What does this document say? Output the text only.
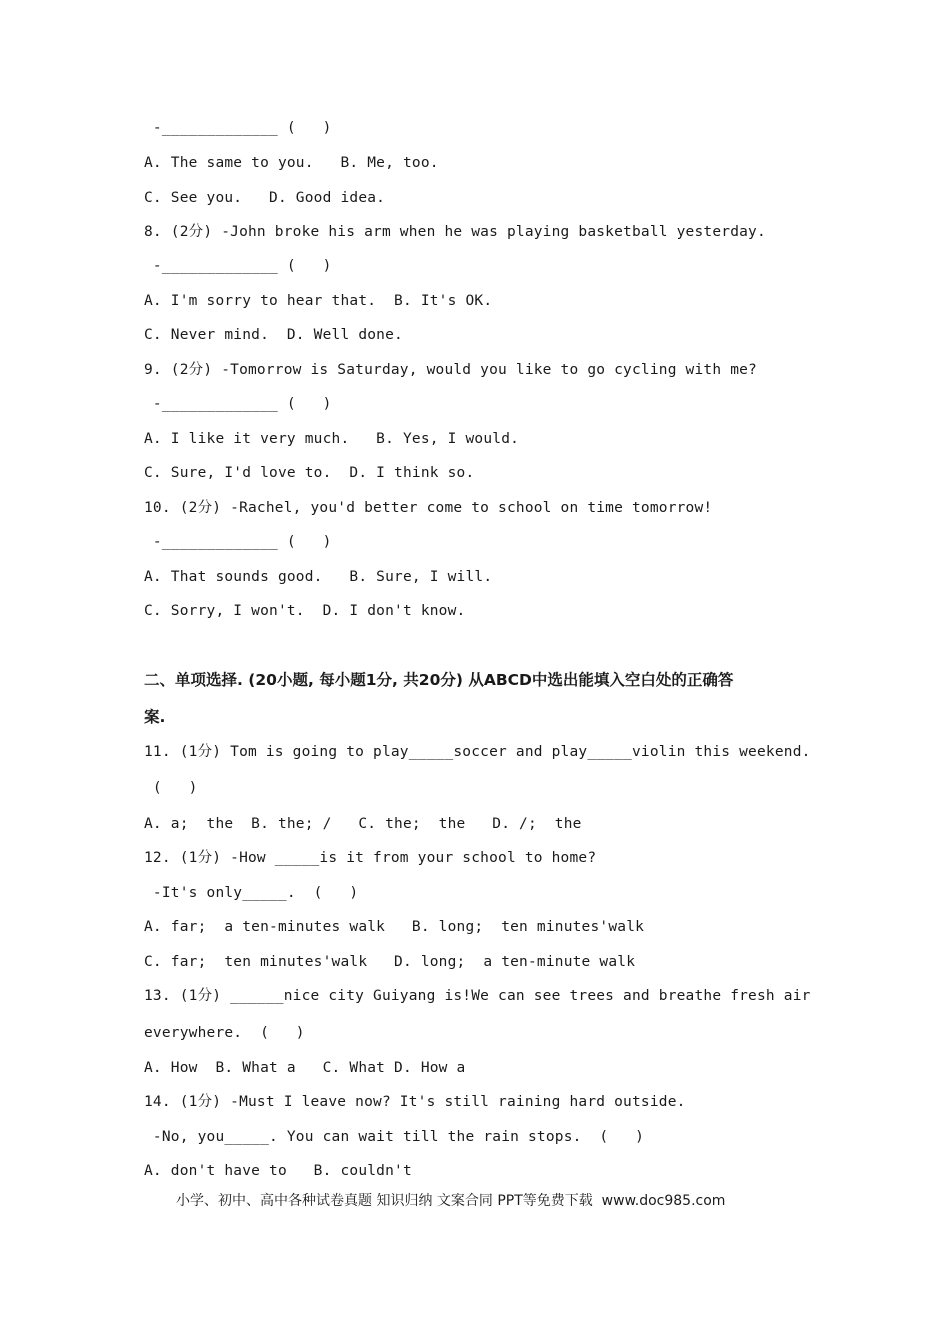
-_____________ (   )
A. The same to you.   B. Me, too.
C. See you.   D. Good idea.
8. (2分) -John broke his arm when he was playing basketball yesterday.
-_____________ (   )
A. I'm sorry to hear that.  B. It's OK.
C. Never mind.  D. Well done.
9. (2分) -Tomorrow is Saturday, would you like to go cycling with me?
-_____________ (   )
A. I like it very much.   B. Yes, I would.
C. Sure, I'd love to.  D. I think so.
10. (2分) -Rachel, you'd better come to school on time tomorrow!
-_____________ (   )
A. That sounds good.   B. Sure, I will.
C. Sorry, I won't.  D. I don't know.
二、单项选择. (20小题, 每小题1分, 共20分) 从ABCD中选出能填入空白处的正确答
案.
11. (1分) Tom is going to play_____soccer and play_____violin this weekend.
(   )
A. a;  the  B. the; /   C. the;  the   D. /;  the
12. (1分) -How _____is it from your school to home?
-It's only_____.  (   )
A. far;  a ten-minutes walk   B. long;  ten minutes'walk
C. far;  ten minutes'walk   D. long;  a ten-minute walk
13. (1分) ______nice city Guiyang is!We can see trees and breathe fresh air
everywhere.  (   )
A. How  B. What a   C. What D. How a
14. (1分) -Must I leave now? It's still raining hard outside.
-No, you_____. You can wait till the rain stops.  (   )
A. don't have to   B. couldn't
小学、初中、高中各种试卷真题 知识归纳 文案合同 PPT等免费下载  www.doc985.com
